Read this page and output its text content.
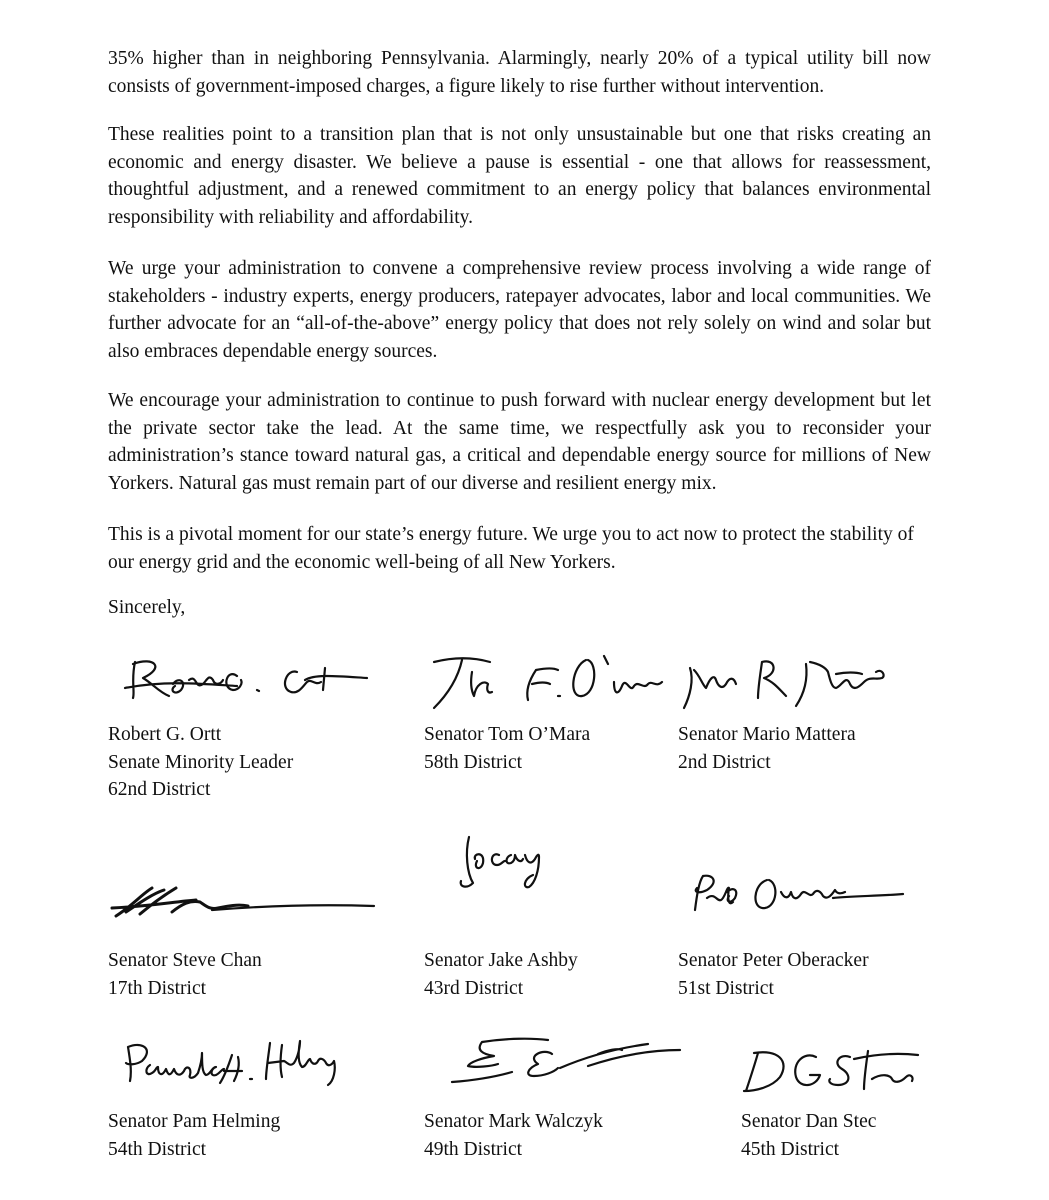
35% higher than in neighboring Pennsylvania. Alarmingly, nearly 20% of a typical utility bill now consists of government-imposed charges, a figure likely to rise further without intervention.

These realities point to a transition plan that is not only unsustainable but one that risks creating an economic and energy disaster. We believe a pause is essential - one that allows for reassessment, thoughtful adjustment, and a renewed commitment to an energy policy that balances environmental responsibility with reliability and affordability.

We urge your administration to convene a comprehensive review process involving a wide range of stakeholders - industry experts, energy producers, ratepayer advocates, labor and local communities. We further advocate for an “all-of-the-above” energy policy that does not rely solely on wind and solar but also embraces dependable energy sources.

We encourage your administration to continue to push forward with nuclear energy development but let the private sector take the lead. At the same time, we respectfully ask you to reconsider your administration’s stance toward natural gas, a critical and dependable energy source for millions of New Yorkers. Natural gas must remain part of our diverse and resilient energy mix.

This is a pivotal moment for our state’s energy future. We urge you to act now to protect the stability of our energy grid and the economic well-being of all New Yorkers.

Sincerely,

Robert G. Ortt
Senate Minority Leader
62nd District
Senator Tom O’Mara
58th District
Senator Mario Mattera
2nd District
Senator Steve Chan
17th District
Senator Jake Ashby
43rd District
Senator Peter Oberacker
51st District
Senator Pam Helming
54th District
Senator Mark Walczyk
49th District
Senator Dan Stec
45th District
